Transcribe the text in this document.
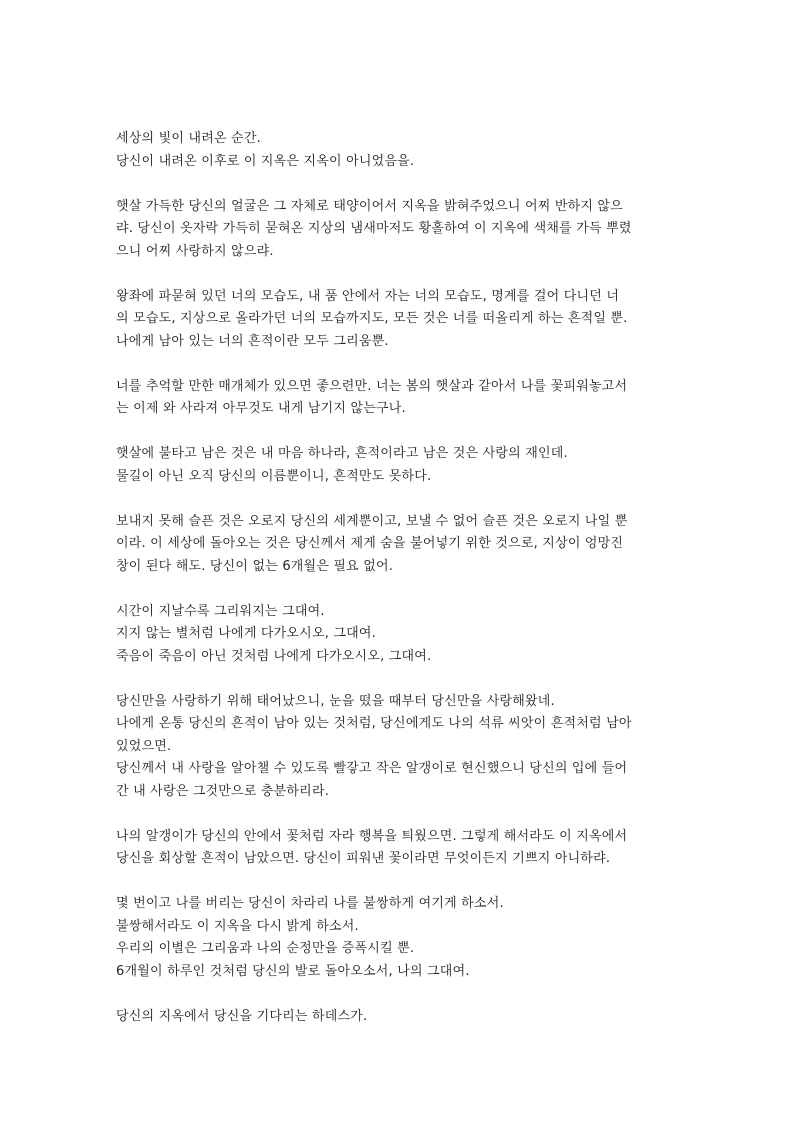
세상의 빛이 내려온 순간.
당신이 내려온 이후로 이 지옥은 지옥이 아니었음을.

햇살 가득한 당신의 얼굴은 그 자체로 태양이어서 지옥을 밝혀주었으니 어찌 반하지 않으
랴. 당신이 옷자락 가득히 묻혀온 지상의 냄새마저도 황홀하여 이 지옥에 색채를 가득 뿌렸
으니 어찌 사랑하지 않으랴.

왕좌에 파묻혀 있던 너의 모습도, 내 품 안에서 자는 너의 모습도, 명계를 걸어 다니던 너
의 모습도, 지상으로 올라가던 너의 모습까지도, 모든 것은 너를 떠올리게 하는 흔적일 뿐.
나에게 남아 있는 너의 흔적이란 모두 그리움뿐.

너를 추억할 만한 매개체가 있으면 좋으련만. 너는 봄의 햇살과 같아서 나를 꽃피워놓고서
는 이제 와 사라져 아무것도 내게 남기지 않는구나.

햇살에 불타고 남은 것은 내 마음 하나라, 흔적이라고 남은 것은 사랑의 재인데.
물길이 아닌 오직 당신의 이름뿐이니, 흔적만도 못하다.

보내지 못해 슬픈 것은 오로지 당신의 세계뿐이고, 보낼 수 없어 슬픈 것은 오로지 나일 뿐
이라. 이 세상에 돌아오는 것은 당신께서 제게 숨을 불어넣기 위한 것으로, 지상이 엉망진
창이 된다 해도. 당신이 없는 6개월은 필요 없어.

시간이 지날수록 그리워지는 그대여.
지지 않는 별처럼 나에게 다가오시오, 그대여.
죽음이 죽음이 아닌 것처럼 나에게 다가오시오, 그대여.

당신만을 사랑하기 위해 태어났으니, 눈을 떴을 때부터 당신만을 사랑해왔네.
나에게 온통 당신의 흔적이 남아 있는 것처럼, 당신에게도 나의 석류 씨앗이 흔적처럼 남아
있었으면.
당신께서 내 사랑을 알아챌 수 있도록 빨갛고 작은 알갱이로 현신했으니 당신의 입에 들어
간 내 사랑은 그것만으로 충분하리라.

나의 알갱이가 당신의 안에서 꽃처럼 자라 행복을 틔웠으면. 그렇게 해서라도 이 지옥에서
당신을 회상할 흔적이 남았으면. 당신이 피워낸 꽃이라면 무엇이든지 기쁘지 아니하랴.

몇 번이고 나를 버리는 당신이 차라리 나를 불쌍하게 여기게 하소서.
불쌍해서라도 이 지옥을 다시 밝게 하소서.
우리의 이별은 그리움과 나의 순정만을 증폭시킬 뿐.
6개월이 하루인 것처럼 당신의 발로 돌아오소서, 나의 그대여.

당신의 지옥에서 당신을 기다리는 하데스가.
